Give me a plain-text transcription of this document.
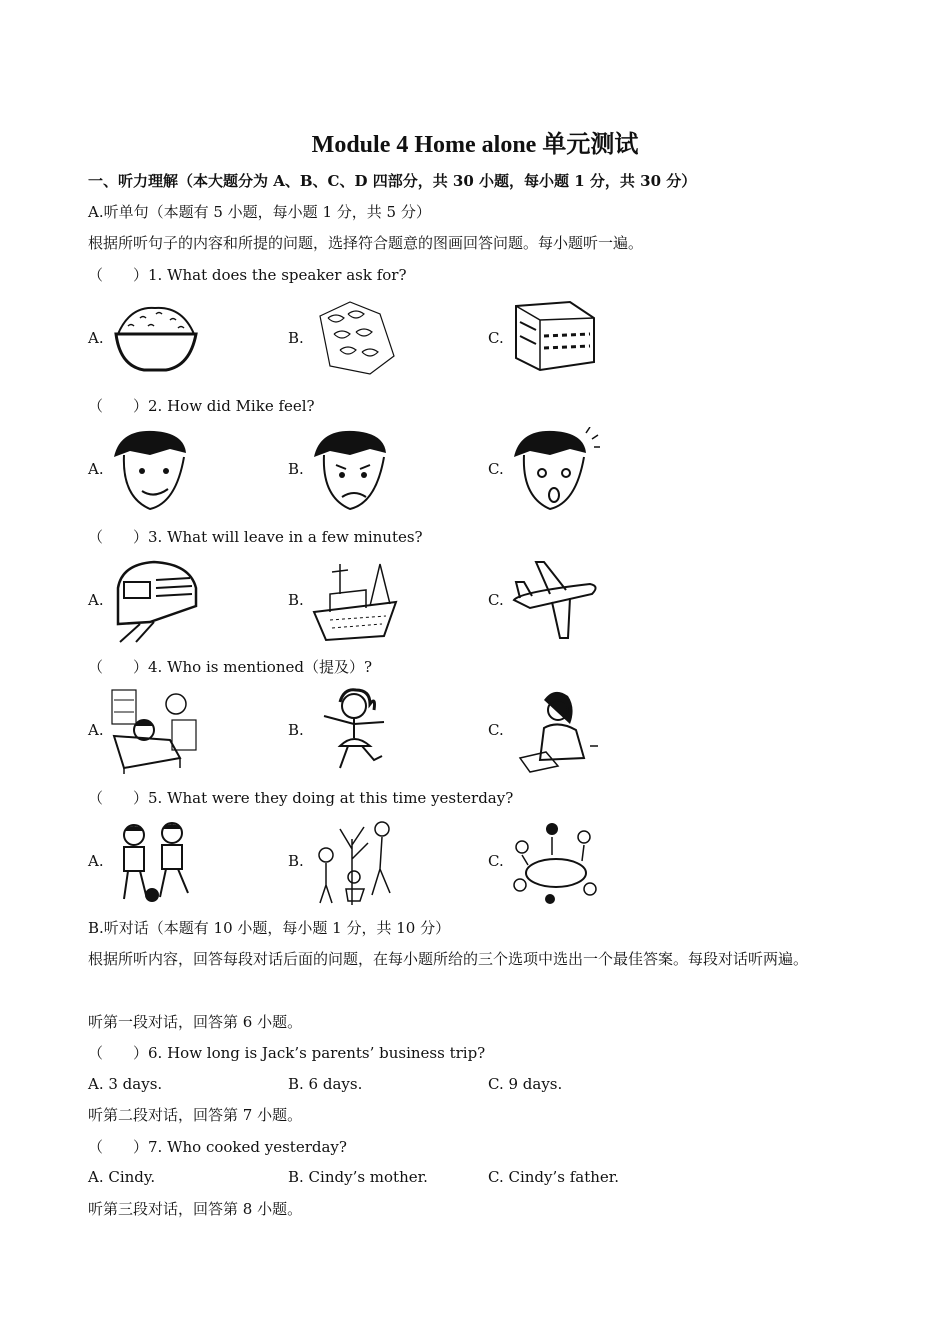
Module 4 Home alone 单元测试
一、听力理解（本大题分为 A、B、C、D 四部分，共 30 小题，每小题 1 分，共 30 分）
A.听单句（本题有 5 小题，每小题 1 分，共 5 分）
根据所听句子的内容和所提的问题，选择符合题意的图画回答问题。每小题听一遍。
（　　）1. What does the speaker ask for?
A.	B.	C.
（　　）2. How did Mike feel?
A.	B.	C.
（　　）3. What will leave in a few minutes?
A.	B.	C.
（　　）4. Who is mentioned（提及）?
A.	B.	C.
（　　）5. What were they doing at this time yesterday?
A.	B.	C.
B.听对话（本题有 10 小题，每小题 1 分，共 10 分）
根据所听内容，回答每段对话后面的问题，在每小题所给的三个选项中选出一个最佳答案。每段对话听两遍。
听第一段对话，回答第 6 小题。
（　　）6. How long is Jack’s parents’ business trip?
A. 3 days.	B. 6 days.	C. 9 days.
听第二段对话，回答第 7 小题。
（　　）7. Who cooked yesterday?
A. Cindy.	B. Cindy’s mother.	C. Cindy’s father.
听第三段对话，回答第 8 小题。
